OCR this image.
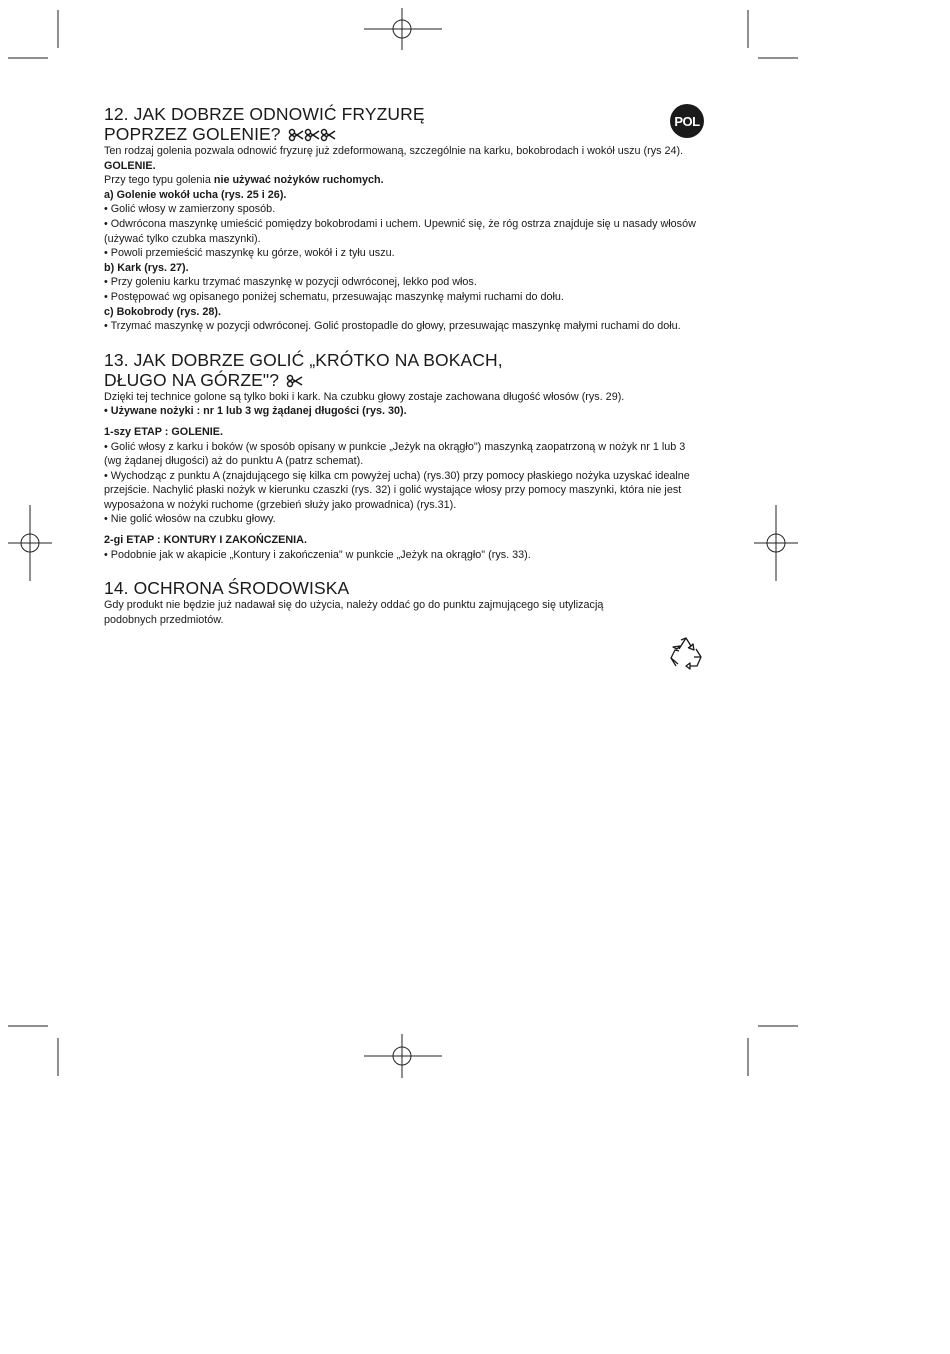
POL
12. JAK DOBRZE ODNOWIĆ FRYZURĘ
POPRZEZ GOLENIE?

Ten rodzaj golenia pozwala odnowić fryzurę już zdeformowaną, szczególnie na karku, bokobrodach i wokół uszu (rys 24).

GOLENIE.

Przy tego typu golenia nie używać nożyków ruchomych.

a) Golenie wokół ucha (rys. 25 i 26).

• Golić włosy w zamierzony sposób.

• Odwrócona maszynkę umieścić pomiędzy bokobrodami i uchem. Upewnić się, że róg ostrza znajduje się u nasady włosów (używać tylko czubka maszynki).

• Powoli przemieścić maszynkę ku górze, wokół i z tyłu uszu.

b) Kark (rys. 27).

• Przy goleniu karku trzymać maszynkę w pozycji odwróconej, lekko pod włos.

• Postępować wg opisanego poniżej schematu, przesuwając maszynkę małymi ruchami do dołu.

c) Bokobrody (rys. 28).

• Trzymać maszynkę w pozycji odwróconej. Golić prostopadle do głowy, przesuwając maszynkę małymi ruchami do dołu.

13. JAK DOBRZE GOLIĆ „KRÓTKO NA BOKACH,
DŁUGO NA GÓRZE"?

Dzięki tej technice golone są tylko boki i kark. Na czubku głowy zostaje zachowana długość włosów (rys. 29).

• Używane nożyki : nr 1 lub 3 wg żądanej długości (rys. 30).

1-szy ETAP : GOLENIE.

• Golić włosy z karku i boków (w sposób opisany w punkcie „Jeżyk na okrągło") maszynką zaopatrzoną w nożyk nr 1 lub 3 (wg żądanej długości) aż do punktu A (patrz schemat).

• Wychodząc z punktu A (znajdującego się kilka cm powyżej ucha) (rys.30) przy pomocy płaskiego nożyka uzyskać idealne przejście. Nachylić płaski nożyk w kierunku czaszki (rys. 32) i golić wystające włosy przy pomocy maszynki, która nie jest wyposażona w nożyki ruchome (grzebień służy jako prowadnica) (rys.31).

• Nie golić włosów na czubku głowy.

2-gi ETAP : KONTURY I ZAKOŃCZENIA.

• Podobnie jak w akapicie „Kontury i zakończenia" w punkcie „Jeżyk na okrągło" (rys. 33).

14. OCHRONA ŚRODOWISKA

Gdy produkt nie będzie już nadawał się do użycia, należy oddać go do punktu zajmującego się utylizacją podobnych przedmiotów.
